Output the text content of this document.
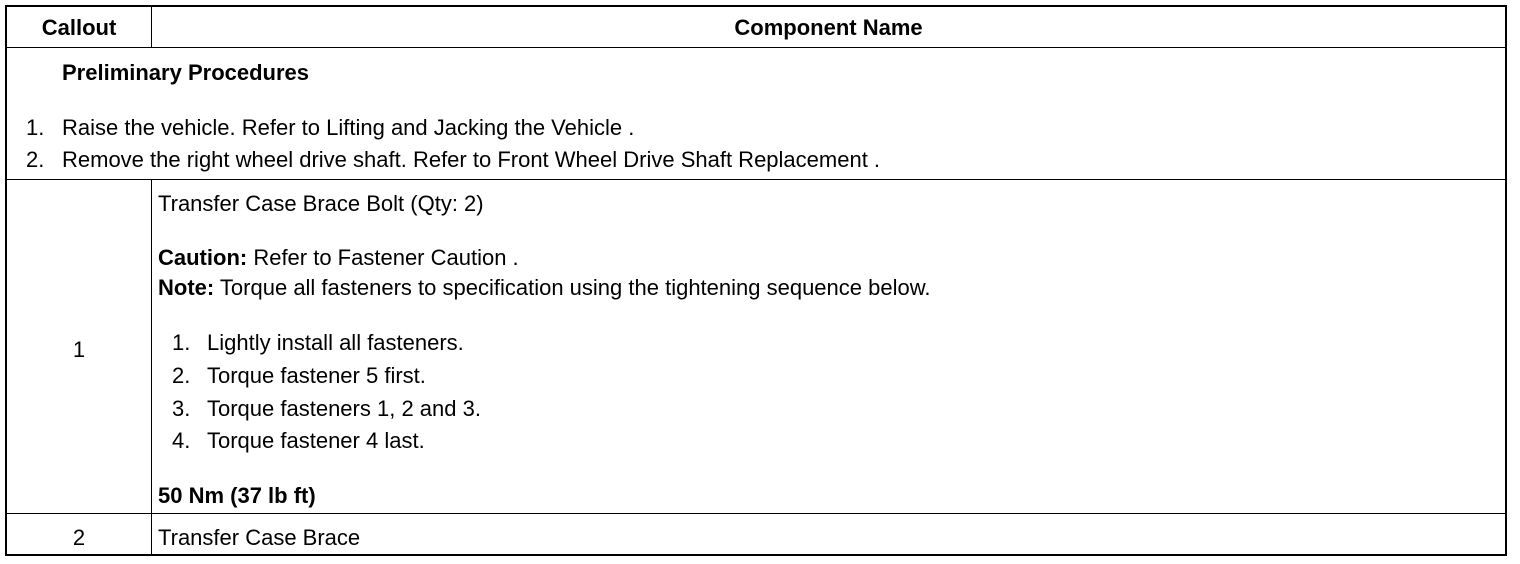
Callout	Component Name
Preliminary Procedures
1. Raise the vehicle. Refer to Lifting and Jacking the Vehicle .
2. Remove the right wheel drive shaft. Refer to Front Wheel Drive Shaft Replacement .
1
Transfer Case Brace Bolt (Qty: 2)
Caution: Refer to Fastener Caution .
Note: Torque all fasteners to specification using the tightening sequence below.
1. Lightly install all fasteners.
2. Torque fastener 5 first.
3. Torque fasteners 1, 2 and 3.
4. Torque fastener 4 last.
50 Nm (37 lb ft)
2	Transfer Case Brace
